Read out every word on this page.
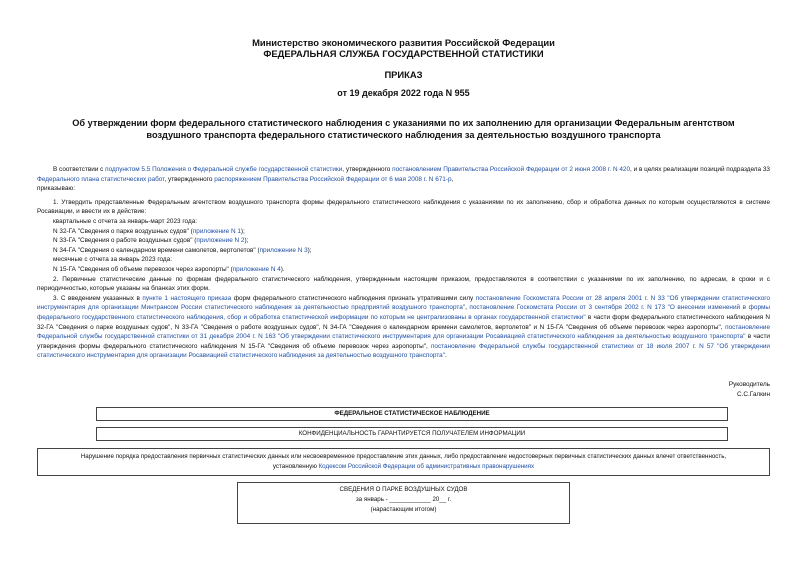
Министерство экономического развития Российской Федерации
ФЕДЕРАЛЬНАЯ СЛУЖБА ГОСУДАРСТВЕННОЙ СТАТИСТИКИ
ПРИКАЗ
от 19 декабря 2022 года N 955
Об утверждении форм федерального статистического наблюдения с указаниями по их заполнению для организации Федеральным агентством воздушного транспорта федерального статистического наблюдения за деятельностью воздушного транспорта

В соответствии с подпунктом 5.5 Положения о Федеральной службе государственной статистики, утвержденного постановлением Правительства Российской Федерации от 2 июня 2008 г. N 420, и в целях реализации позиций подраздела 33 Федерального плана статистических работ, утвержденного распоряжением Правительства Российской Федерации от 6 мая 2008 г. N 671-р,

приказываю:

1. Утвердить представленные Федеральным агентством воздушного транспорта формы федерального статистического наблюдения с указаниями по их заполнению, сбор и обработка данных по которым осуществляются в системе Росавиации, и ввести их в действие:

квартальные с отчета за январь-март 2023 года:

N 32-ГА "Сведения о парке воздушных судов" (приложение N 1);

N 33-ГА "Сведения о работе воздушных судов" (приложение N 2);

N 34-ГА "Сведения о календарном времени самолетов, вертолетов" (приложение N 3);

месячные с отчета за январь 2023 года:

N 15-ГА "Сведения об объеме перевозок через аэропорты" (приложение N 4).

2. Первичные статистические данные по формам федерального статистического наблюдения, утвержденным настоящим приказом, предоставляются в соответствии с указаниями по их заполнению, по адресам, в сроки и с периодичностью, которые указаны на бланках этих форм.

3. С введением указанных в пункте 1 настоящего приказа форм федерального статистического наблюдения признать утратившими силу постановление Госкомстата России от 28 апреля 2001 г. N 33 "Об утверждении статистического инструментария для организации Минтрансом России статистического наблюдения за деятельностью предприятий воздушного транспорта", постановление Госкомстата России от 3 сентября 2002 г. N 173 "О внесении изменений в формы федерального государственного статистического наблюдения, сбор и обработка статистической информации по которым не централизованы в органах государственной статистики" в части форм федерального статистического наблюдения N 32-ГА "Сведения о парке воздушных судов", N 33-ГА "Сведения о работе воздушных судов", N 34-ГА "Сведения о календарном времени самолетов, вертолетов" и N 15-ГА "Сведения об объеме перевозок через аэропорты", постановление Федеральной службы государственной статистики от 31 декабря 2004 г. N 163 "Об утверждении статистического инструментария для организации Росавиацией статистического наблюдения за деятельностью воздушного транспорта" в части утверждения формы федерального статистического наблюдения N 15-ГА "Сведения об объеме перевозок через аэропорты", постановление Федеральной службы государственной статистики от 18 июля 2007 г. N 57 "Об утверждении статистического инструментария для организации Росавиацией статистического наблюдения за деятельностью воздушного транспорта".

Руководитель
С.С.Галкин
ФЕДЕРАЛЬНОЕ СТАТИСТИЧЕСКОЕ НАБЛЮДЕНИЕ
КОНФИДЕНЦИАЛЬНОСТЬ ГАРАНТИРУЕТСЯ ПОЛУЧАТЕЛЕМ ИНФОРМАЦИИ
Нарушение порядка предоставления первичных статистических данных или несвоевременное предоставление этих данных, либо предоставление недостоверных первичных статистических данных влечет ответственность,
установленную Кодексом Российской Федерации об административных правонарушениях
СВЕДЕНИЯ О ПАРКЕ ВОЗДУШНЫХ СУДОВ
за январь - ____________ 20__ г.
(нарастающим итогом)
